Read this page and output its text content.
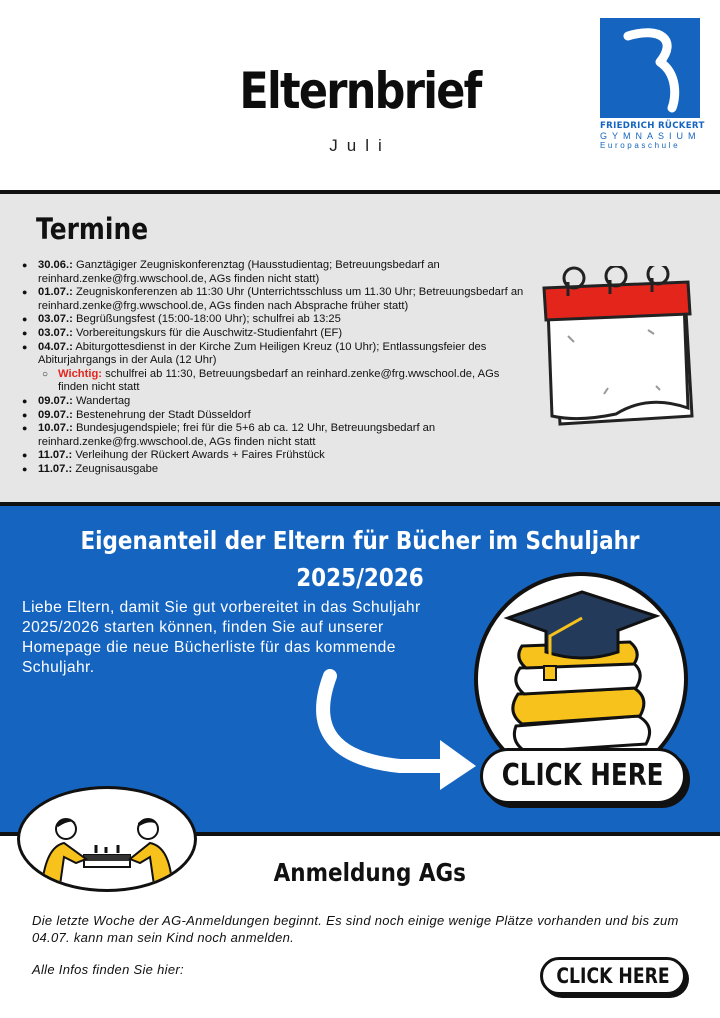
Elternbrief
Juli
FRIEDRICH RÜCKERT
GYMNASIUM
Europaschule
Termine
● 30.06.: Ganztägiger Zeugniskonferenztag (Hausstudientag; Betreuungsbedarf an reinhard.zenke@frg.wwschool.de, AGs finden nicht statt)
● 01.07.: Zeugniskonferenzen ab 11:30 Uhr (Unterrichtsschluss um 11.30 Uhr; Betreuungsbedarf an reinhard.zenke@frg.wwschool.de, AGs finden nach Absprache früher statt)
● 03.07.: Begrüßungsfest (15:00-18:00 Uhr); schulfrei ab 13:25
● 03.07.: Vorbereitungskurs für die Auschwitz-Studienfahrt (EF)
● 04.07.: Abiturgottesdienst in der Kirche Zum Heiligen Kreuz (10 Uhr); Entlassungsfeier des Abiturjahrgangs in der Aula (12 Uhr)
○ Wichtig: schulfrei ab 11:30, Betreuungsbedarf an reinhard.zenke@frg.wwschool.de, AGs finden nicht statt
● 09.07.: Wandertag
● 09.07.: Bestenehrung der Stadt Düsseldorf
● 10.07.: Bundesjugendspiele; frei für die 5+6 ab ca. 12 Uhr, Betreuungsbedarf an reinhard.zenke@frg.wwschool.de, AGs finden nicht statt
● 11.07.: Verleihung der Rückert Awards + Faires Frühstück
● 11.07.: Zeugnisausgabe
Eigenanteil der Eltern für Bücher im Schuljahr
2025/2026
Liebe Eltern, damit Sie gut vorbereitet in das Schuljahr 2025/2026 starten können, finden Sie auf unserer Homepage die neue Bücherliste für das kommende Schuljahr.
CLICK HERE
Anmeldung AGs
Die letzte Woche der AG-Anmeldungen beginnt. Es sind noch einige wenige Plätze vorhanden und bis zum 04.07. kann man sein Kind noch anmelden.
Alle Infos finden Sie hier:	CLICK HERE
